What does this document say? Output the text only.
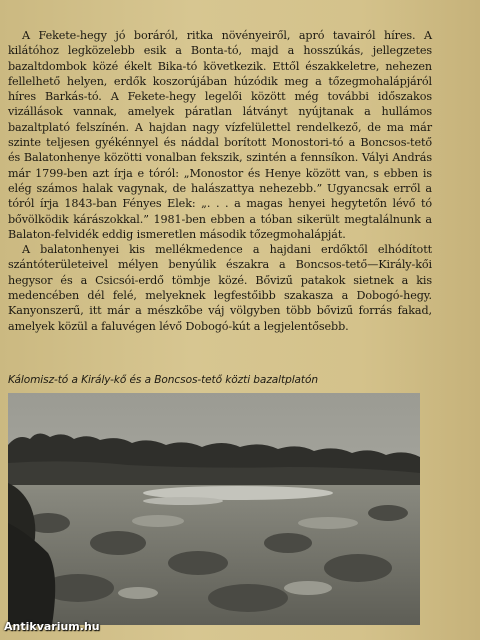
A Fekete-hegy jó boráról, ritka növényeiről, apró tavairól híres. A kilátóhoz legközelebb esik a Bonta-tó, majd a hosszúkás, jellegzetes bazaltdombok közé ékelt Bika-tó következik. Ettől északkeletre, nehezen fellelhető helyen, erdők koszorújában húzódik meg a tőzegmohalápjáról híres Barkás-tó. A Fekete-hegy legelői között még további időszakos vizállások vannak, amelyek páratlan látványt nyújtanak a hullámos bazaltplató felszínén. A hajdan nagy vízfelülettel rendelkező, de ma már szinte teljesen gyékénnyel és náddal borított Monostori-tó a Boncsos-tető és Balatonhenye közötti vonalban fekszik, szintén a fennsíkon. Vályi András már 1799-ben azt írja e tóról: „Monostor és Henye között van, s ebben is elég számos halak vagynak, de halászattya nehezebb.” Ugyancsak erről a tóról írja 1843-ban Fényes Elek: „. . . a magas henyei hegytetőn lévő tó bővölködik kárászokkal.” 1981-ben ebben a tóban sikerült megtalálnunk a Balaton-felvidék eddig ismeretlen második tőzegmohalápját.

A balatonhenyei kis mellékmedence a hajdani erdőktől elhódított szántóterületeivel mélyen benyúlik északra a Boncsos-tető—Király-kői hegysor és a Csicsói-erdő tömbje közé. Bővizű patakok sietnek a kis medencében dél felé, melyeknek legfestőibb szakasza a Dobogó-hegy. Kanyonszerű, itt már a mészkőbe váj völgyben több bővizű forrás fakad, amelyek közül a faluvégen lévő Dobogó-kút a legjelentősebb.

Kálomisz-tó a Király-kő és a Boncsos-tető közti bazaltplatón
Antikvarium.hu
